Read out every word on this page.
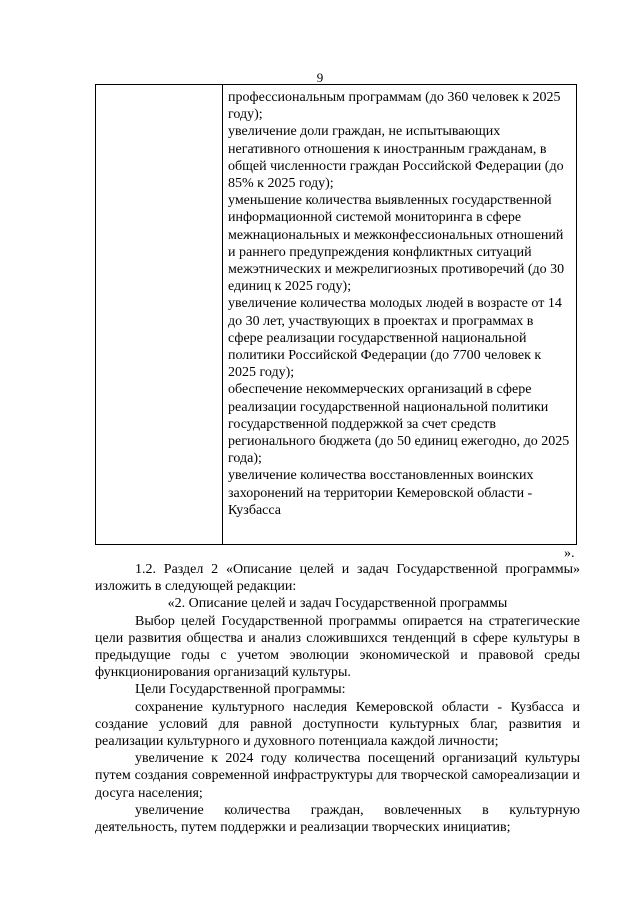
9
профессиональным программам (до 360 человек к 2025 году);
увеличение доли граждан, не испытывающих негативного отношения к иностранным гражданам, в общей численности граждан Российской Федерации (до 85% к 2025 году);
уменьшение количества выявленных государственной информационной системой мониторинга в сфере межнациональных и межконфессиональных отношений и раннего предупреждения конфликтных ситуаций межэтнических и межрелигиозных противоречий (до 30 единиц к 2025 году);
увеличение количества молодых людей в возрасте от 14 до 30 лет, участвующих в проектах и программах в сфере реализации государственной национальной политики Российской Федерации (до 7700 человек к 2025 году);
обеспечение некоммерческих организаций в сфере реализации государственной национальной политики государственной поддержкой за счет средств регионального бюджета (до 50 единиц ежегодно, до 2025 года);
увеличение количества восстановленных воинских захоронений на территории Кемеровской области - Кузбасса
».

1.2. Раздел 2 «Описание целей и задач Государственной программы» изложить в следующей редакции:

«2. Описание целей и задач Государственной программы

Выбор целей Государственной программы опирается на стратегические цели развития общества и анализ сложившихся тенденций в сфере культуры в предыдущие годы с учетом эволюции экономической и правовой среды функционирования организаций культуры.

Цели Государственной программы:

сохранение культурного наследия Кемеровской области - Кузбасса и создание условий для равной доступности культурных благ, развития и реализации культурного и духовного потенциала каждой личности;

увеличение к 2024 году количества посещений организаций культуры путем создания современной инфраструктуры для творческой самореализации и досуга населения;

увеличение количества граждан, вовлеченных в культурную деятельность, путем поддержки и реализации творческих инициатив;
